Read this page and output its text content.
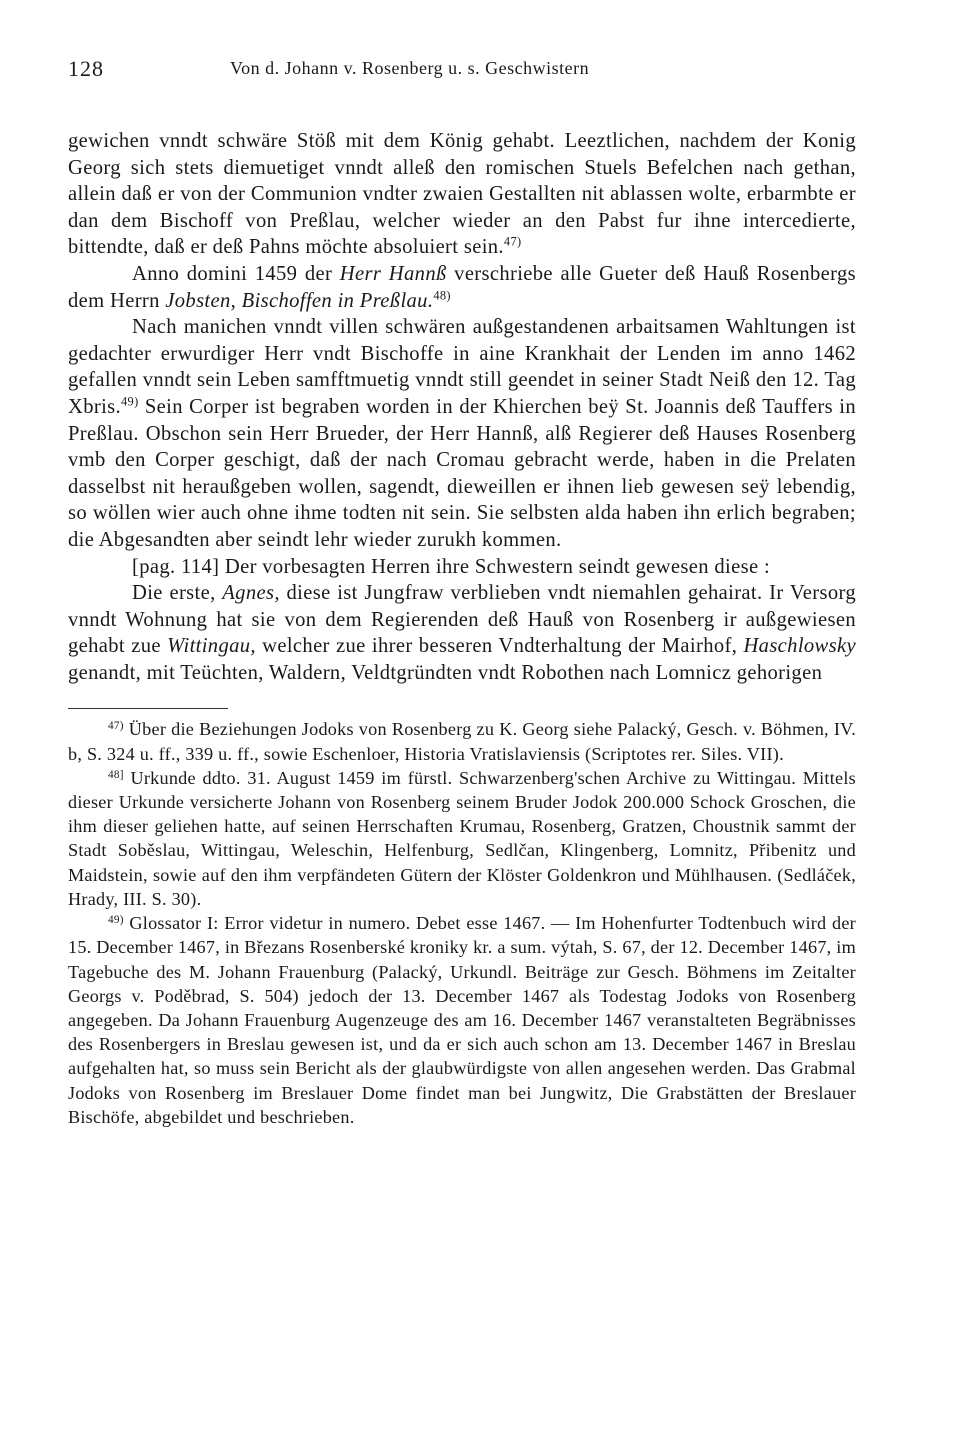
128	Von d. Johann v. Rosenberg u. s. Geschwistern

gewichen vnndt schwäre Stöß mit dem König gehabt. Leeztlichen, nachdem der Konig Georg sich stets diemuetiget vnndt alleß den romischen Stuels Befelchen nach gethan, allein daß er von der Communion vndter zwaien Gestallten nit ablassen wolte, erbarmbte er dan dem Bischoff von Preßlau, welcher wieder an den Pabst fur ihne intercedierte, bittendte, daß er deß Pahns möchte absoluiert sein.$^{47)}$

Anno domini 1459 der Herr Hannß verschriebe alle Gueter deß Hauß Rosenbergs dem Herrn Jobsten, Bischoffen in Preßlau.$^{48)}$

Nach manichen vnndt villen schwären außgestandenen arbaitsamen Wahltungen ist gedachter erwurdiger Herr vndt Bischoffe in aine Krankhait der Lenden im anno 1462 gefallen vnndt sein Leben samfftmuetig vnndt still geendet in seiner Stadt Neiß den 12. Tag Xbris.$^{49)}$ Sein Corper ist begraben worden in der Khierchen beÿ St. Joannis deß Tauffers in Preßlau. Obschon sein Herr Brueder, der Herr Hannß, alß Regierer deß Hauses Rosenberg vmb den Corper geschigt, daß der nach Cromau gebracht werde, haben in die Prelaten dasselbst nit heraußgeben wollen, sagendt, dieweillen er ihnen lieb gewesen seÿ lebendig, so wöllen wier auch ohne ihme todten nit sein. Sie selbsten alda haben ihn erlich begraben; die Abgesandten aber seindt lehr wieder zurukh kommen.

[pag. 114] Der vorbesagten Herren ihre Schwestern seindt gewesen diese :

Die erste, Agnes, diese ist Jungfraw verblieben vndt niemahlen gehairat. Ir Versorg vnndt Wohnung hat sie von dem Regierenden deß Hauß von Rosenberg ir außgewiesen gehabt zue Wittingau, welcher zue ihrer besseren Vndterhaltung der Mairhof, Haschlowsky genandt, mit Teüchten, Waldern, Veldtgründten vndt Robothen nach Lomnicz gehorigen

$^{47)}$ Über die Beziehungen Jodoks von Rosenberg zu K. Georg siehe Palacký, Gesch. v. Böhmen, IV. b, S. 324 u. ff., 339 u. ff., sowie Eschenloer, Historia Vratislaviensis (Scriptotes rer. Siles. VII).

$^{48]}$ Urkunde ddto. 31. August 1459 im fürstl. Schwarzenberg'schen Archive zu Wittingau. Mittels dieser Urkunde versicherte Johann von Rosenberg seinem Bruder Jodok 200.000 Schock Groschen, die ihm dieser geliehen hatte, auf seinen Herrschaften Krumau, Rosenberg, Gratzen, Choustnik sammt der Stadt Soběslau, Wittingau, Weleschin, Helfenburg, Sedlčan, Klingenberg, Lomnitz, Přibenitz und Maidstein, sowie auf den ihm verpfändeten Gütern der Klöster Goldenkron und Mühlhausen. (Sedláček, Hrady, III. S. 30).

$^{49)}$ Glossator I: Error videtur in numero. Debet esse 1467. — Im Hohenfurter Todtenbuch wird der 15. December 1467, in Březans Rosenberské kroniky kr. a sum. výtah, S. 67, der 12. December 1467, im Tagebuche des M. Johann Frauenburg (Palacký, Urkundl. Beiträge zur Gesch. Böhmens im Zeitalter Georgs v. Poděbrad, S. 504) jedoch der 13. December 1467 als Todestag Jodoks von Rosenberg angegeben. Da Johann Frauenburg Augenzeuge des am 16. December 1467 veranstalteten Begräbnisses des Rosenbergers in Breslau gewesen ist, und da er sich auch schon am 13. December 1467 in Breslau aufgehalten hat, so muss sein Bericht als der glaubwürdigste von allen angesehen werden. Das Grabmal Jodoks von Rosenberg im Breslauer Dome findet man bei Jungwitz, Die Grabstätten der Breslauer Bischöfe, abgebildet und beschrieben.
